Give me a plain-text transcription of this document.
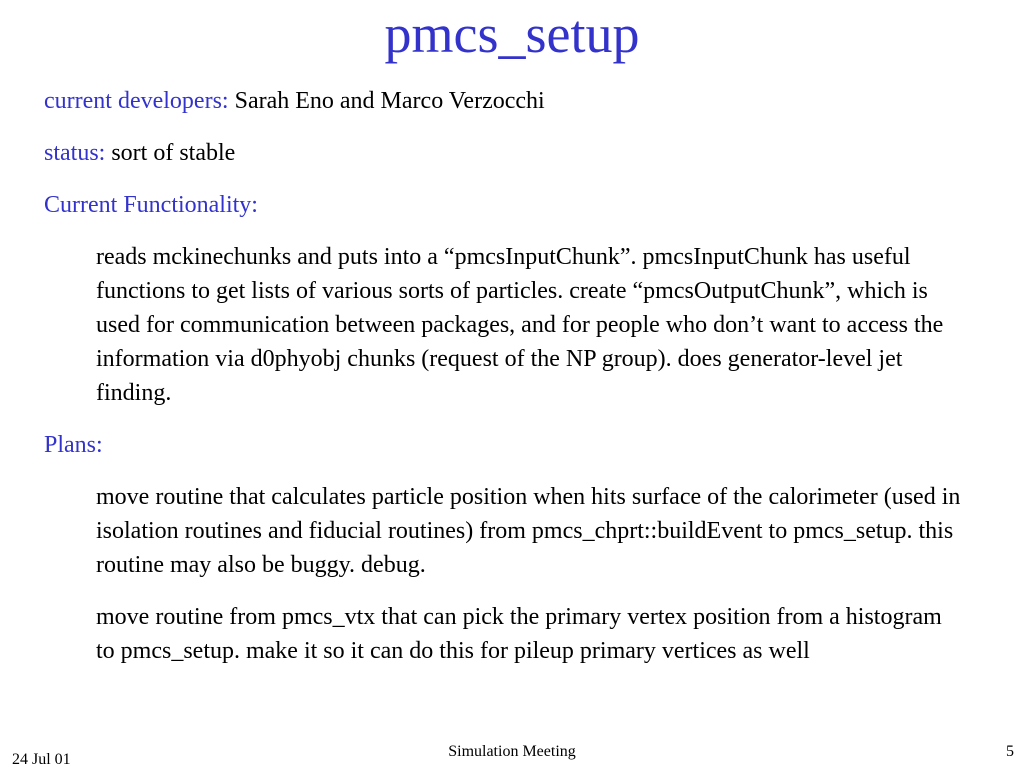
pmcs_setup

current developers: Sarah Eno and Marco Verzocchi

status: sort of stable

Current Functionality:

reads mckinechunks and puts into a “pmcsInputChunk”. pmcsInputChunk has useful functions to get lists of various sorts of particles. create “pmcsOutputChunk”, which is used for communication between packages, and for people who don’t want to access the information via d0phyobj chunks (request of the NP group). does generator-level jet finding.

Plans:

move routine that calculates particle position when hits surface of the calorimeter (used in isolation routines and fiducial routines) from pmcs_chprt::buildEvent to pmcs_setup. this routine may also be buggy. debug.

move routine from pmcs_vtx that can pick the primary vertex position from a histogram to pmcs_setup. make it so it can do this for pileup primary vertices as well

24 Jul 01	Simulation Meeting	5
